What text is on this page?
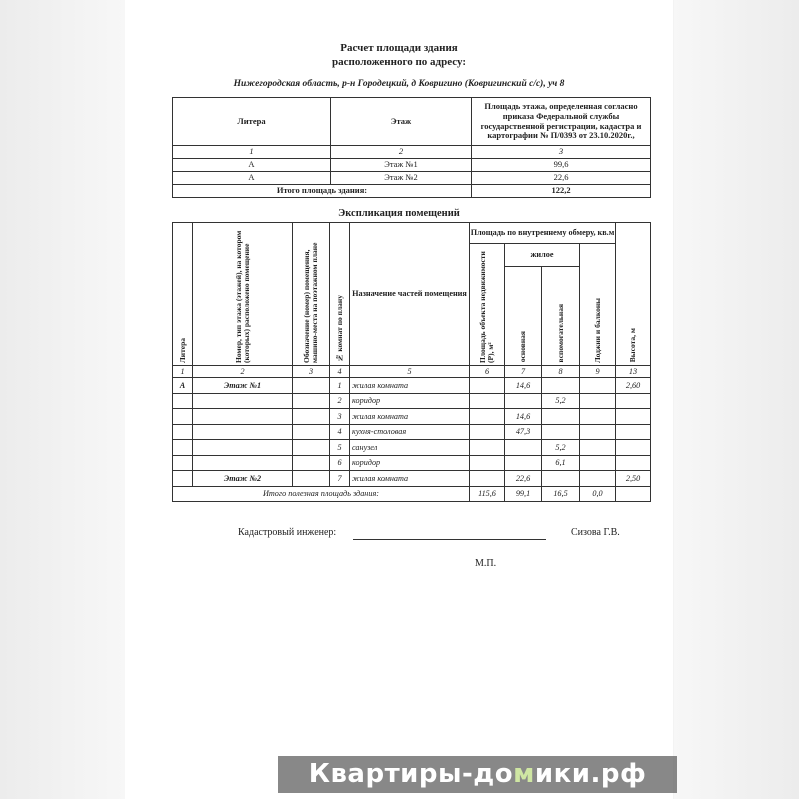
Расчет площади здания
расположенного по адресу:
Нижегородская область, р-н Городецкий, д Ковригино (Ковригинский с/с), уч 8
Литера	Этаж	Площадь этажа, определенная согласно приказа Федеральной службы государственной регистрации, кадастра и картографии № П/0393 от 23.10.2020г.,
1	2	3
А	Этаж №1	99,6
А	Этаж №2	22,6
Итого площадь здания:		122,2
Экспликация помещений
Литера	Номер, тип этажа (этажей), на котором (которых) расположено помещение	Обозначение (номер) помещения, машино-места на поэтажном плане	№ комнат по плану	Назначение частей помещения	Площадь по внутреннему обмеру, кв.м				Высота, м
					Площадь объекта недвижимости (Р), м²	жилое		Лоджии и балконы	
						основная	вспомогательная		
1	2	3	4	5	6	7	8	9	13
А	Этаж №1		1	жилая комната		14,6			2,60
			2	коридор			5,2		
			3	жилая комната		14,6			
			4	кухня-столовая		47,3			
			5	санузел			5,2		
			6	коридор			6,1		
	Этаж №2		7	жилая комната		22,6			2,50
Итого полезная площадь здания:					115,6	99,1	16,5	0,0	
Кадастровый инженер:	Сизова Г.В.
М.П.
Квартиры-домики.рф
